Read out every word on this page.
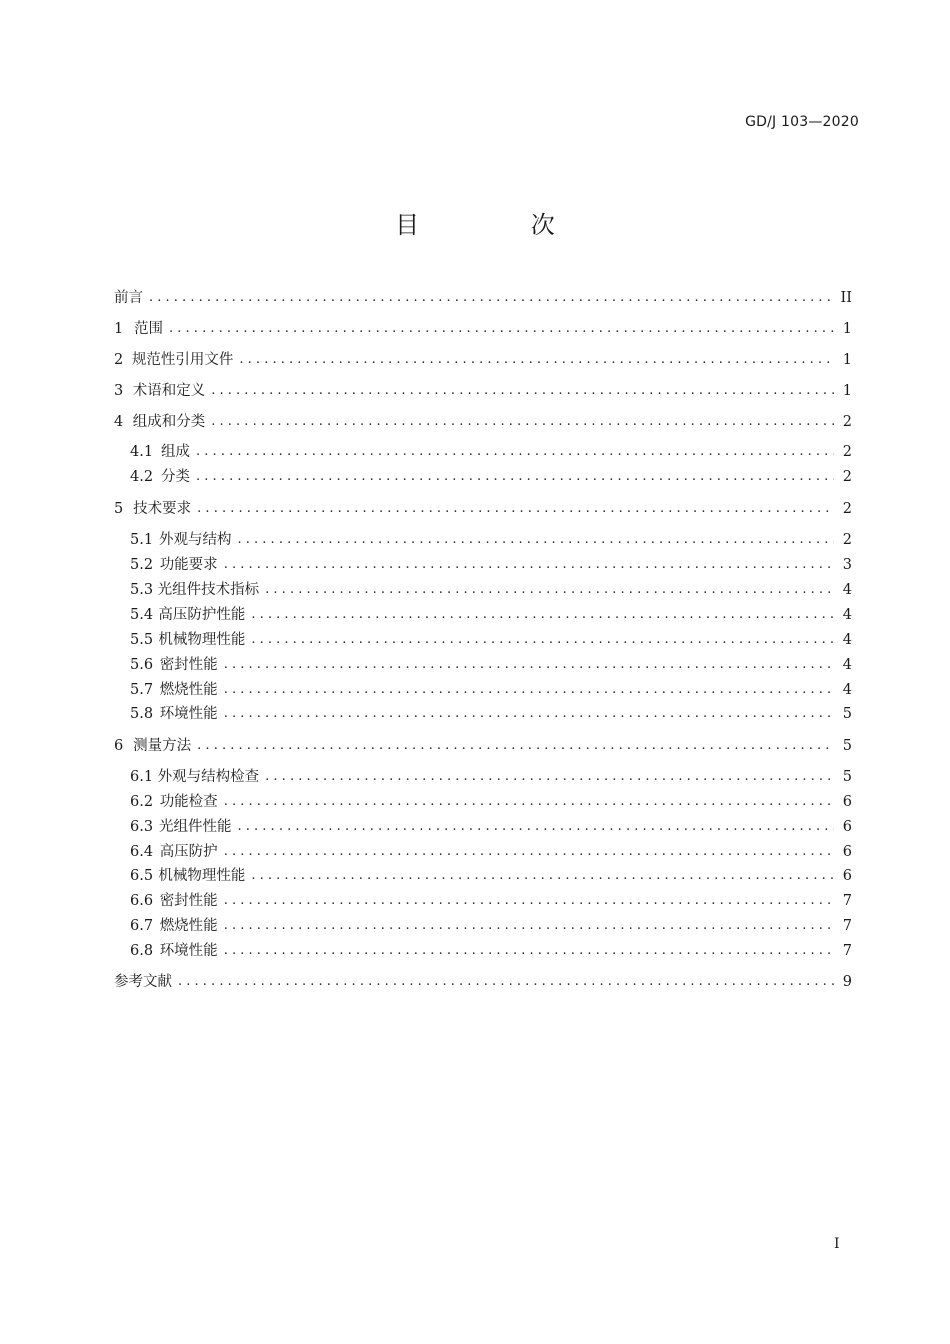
GD/J 103—2020
目 次
前言 . . .	II
1 范围 . . .	1
2 规范性引用文件 . . .	1
3 术语和定义 . . .	1
4 组成和分类 . . .	2
4.1 组成 . . .	2
4.2 分类 . . .	2
5 技术要求 . . .	2
5.1 外观与结构 . . .	2
5.2 功能要求 . . .	3
5.3 光组件技术指标 . . .	4
5.4 高压防护性能 . . .	4
5.5 机械物理性能 . . .	4
5.6 密封性能 . . .	4
5.7 燃烧性能 . . .	4
5.8 环境性能 . . .	5
6 测量方法 . . .	5
6.1 外观与结构检查 . . .	5
6.2 功能检查 . . .	6
6.3 光组件性能 . . .	6
6.4 高压防护 . . .	6
6.5 机械物理性能 . . .	6
6.6 密封性能 . . .	7
6.7 燃烧性能 . . .	7
6.8 环境性能 . . .	7
参考文献 . . .	9
I
